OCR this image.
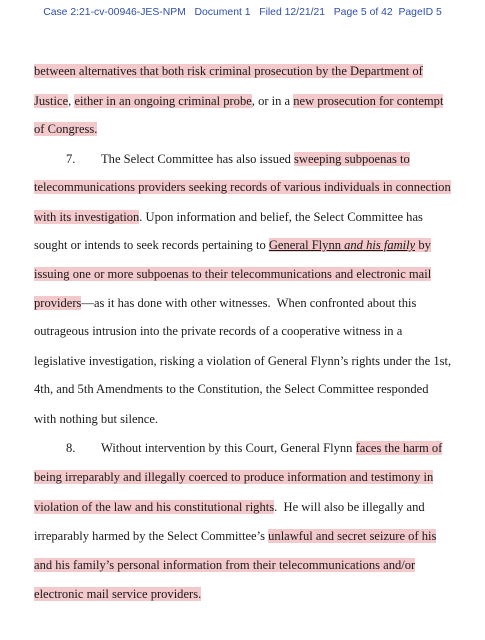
Case 2:21-cv-00946-JES-NPM Document 1 Filed 12/21/21 Page 5 of 42 PageID 5
between alternatives that both risk criminal prosecution by the Department of
Justice, either in an ongoing criminal probe, or in a new prosecution for contempt
of Congress.
7. The Select Committee has also issued sweeping subpoenas to
telecommunications providers seeking records of various individuals in connection
with its investigation. Upon information and belief, the Select Committee has
sought or intends to seek records pertaining to General Flynn and his family by
issuing one or more subpoenas to their telecommunications and electronic mail
providers—as it has done with other witnesses.  When confronted about this
outrageous intrusion into the private records of a cooperative witness in a
legislative investigation, risking a violation of General Flynn’s rights under the 1st,
4th, and 5th Amendments to the Constitution, the Select Committee responded
with nothing but silence.
8. Without intervention by this Court, General Flynn faces the harm of
being irreparably and illegally coerced to produce information and testimony in
violation of the law and his constitutional rights.  He will also be illegally and
irreparably harmed by the Select Committee’s unlawful and secret seizure of his
and his family’s personal information from their telecommunications and/or
electronic mail service providers.
